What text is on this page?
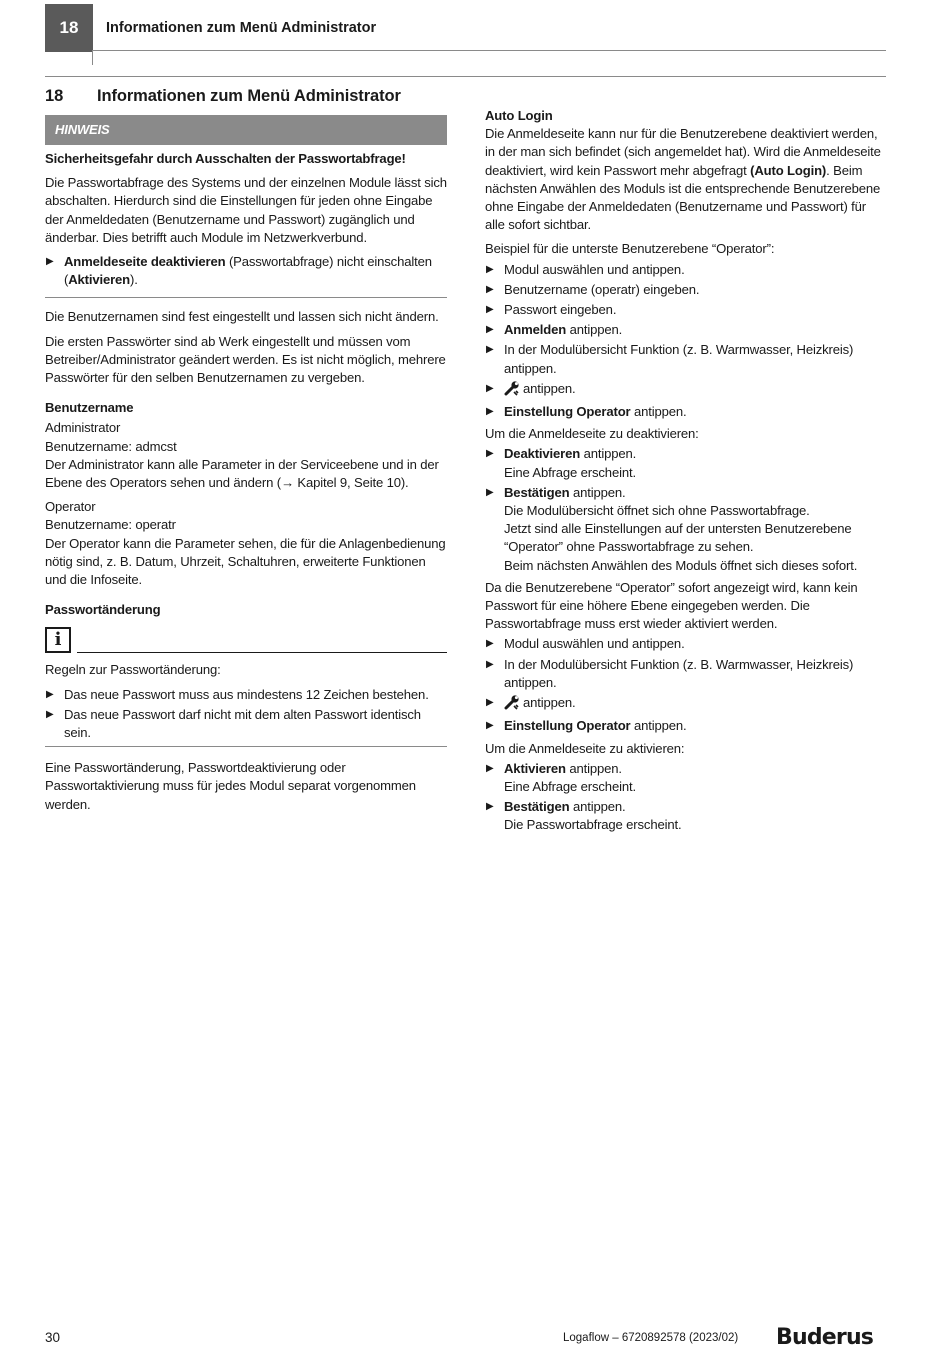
18	Informationen zum Menü Administrator
18	Informationen zum Menü Administrator
HINWEIS

Sicherheitsgefahr durch Ausschalten der Passwortabfrage!

Die Passwortabfrage des Systems und der einzelnen Module lässt sich abschalten. Hierdurch sind die Einstellungen für jeden ohne Eingabe der Anmeldedaten (Benutzername und Passwort) zugänglich und änderbar. Dies betrifft auch Module im Netzwerkverbund.

▶ Anmeldeseite deaktivieren (Passwortabfrage) nicht einschalten (Aktivieren).

Die Benutzernamen sind fest eingestellt und lassen sich nicht ändern.

Die ersten Passwörter sind ab Werk eingestellt und müssen vom Betreiber/Administrator geändert werden. Es ist nicht möglich, mehrere Passwörter für den selben Benutzernamen zu vergeben.

Benutzername
Administrator
Benutzername: admcst

Der Administrator kann alle Parameter in der Serviceebene und in der Ebene des Operators sehen und ändern (→ Kapitel 9, Seite 10).

Operator
Benutzername: operatr

Der Operator kann die Parameter sehen, die für die Anlagenbedienung nötig sind, z. B. Datum, Uhrzeit, Schaltuhren, erweiterte Funktionen und die Infoseite.

Passwortänderung
i

Regeln zur Passwortänderung:

▶ Das neue Passwort muss aus mindestens 12 Zeichen bestehen.
▶ Das neue Passwort darf nicht mit dem alten Passwort identisch sein.

Eine Passwortänderung, Passwortdeaktivierung oder Passwortaktivierung muss für jedes Modul separat vorgenommen werden.

Auto Login

Die Anmeldeseite kann nur für die Benutzerebene deaktiviert werden, in der man sich befindet (sich angemeldet hat). Wird die Anmeldeseite deaktiviert, wird kein Passwort mehr abgefragt (Auto Login). Beim nächsten Anwählen des Moduls ist die entsprechende Benutzerebene ohne Eingabe der Anmeldedaten (Benutzername und Passwort) für alle sofort sichtbar.

Beispiel für die unterste Benutzerebene “Operator”:

▶ Modul auswählen und antippen.
▶ Benutzername (operatr) eingeben.
▶ Passwort eingeben.
▶ Anmelden antippen.
▶ In der Modulübersicht Funktion (z. B. Warmwasser, Heizkreis) antippen.
▶ antippen.
▶ Einstellung Operator antippen.

Um die Anmeldeseite zu deaktivieren:

▶ Deaktivieren antippen.
Eine Abfrage erscheint.
▶ Bestätigen antippen.
Die Modulübersicht öffnet sich ohne Passwortabfrage.
Jetzt sind alle Einstellungen auf der untersten Benutzerebene “Operator” ohne Passwortabfrage zu sehen.
Beim nächsten Anwählen des Moduls öffnet sich dieses sofort.

Da die Benutzerebene “Operator” sofort angezeigt wird, kann kein Passwort für eine höhere Ebene eingegeben werden. Die Passwortabfrage muss erst wieder aktiviert werden.

▶ Modul auswählen und antippen.
▶ In der Modulübersicht Funktion (z. B. Warmwasser, Heizkreis) antippen.
▶ antippen.
▶ Einstellung Operator antippen.

Um die Anmeldeseite zu aktivieren:

▶ Aktivieren antippen.
Eine Abfrage erscheint.
▶ Bestätigen antippen.
Die Passwortabfrage erscheint.
30	Logaflow – 6720892578 (2023/02) Buderus
